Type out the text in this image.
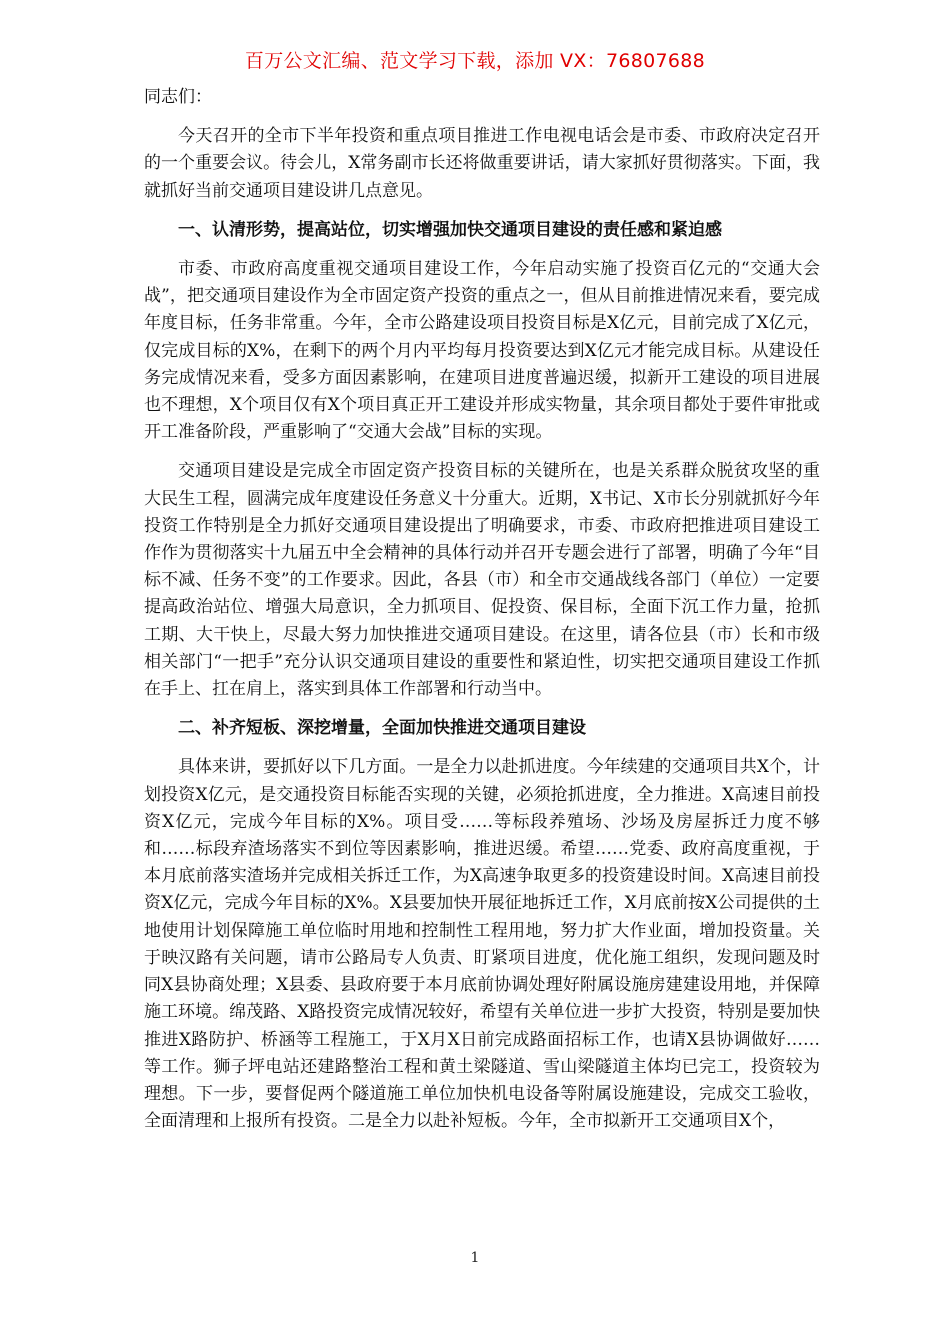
百万公文汇编、范文学习下载，添加 VX：76807688

同志们：

今天召开的全市下半年投资和重点项目推进工作电视电话会是市委、市政府决定召开的一个重要会议。待会儿，X常务副市长还将做重要讲话，请大家抓好贯彻落实。下面，我就抓好当前交通项目建设讲几点意见。

一、认清形势，提高站位，切实增强加快交通项目建设的责任感和紧迫感

市委、市政府高度重视交通项目建设工作，今年启动实施了投资百亿元的“交通大会战”，把交通项目建设作为全市固定资产投资的重点之一，但从目前推进情况来看，要完成年度目标，任务非常重。今年，全市公路建设项目投资目标是X亿元，目前完成了X亿元，仅完成目标的X%，在剩下的两个月内平均每月投资要达到X亿元才能完成目标。从建设任务完成情况来看，受多方面因素影响，在建项目进度普遍迟缓，拟新开工建设的项目进展也不理想，X个项目仅有X个项目真正开工建设并形成实物量，其余项目都处于要件审批或开工准备阶段，严重影响了“交通大会战”目标的实现。

交通项目建设是完成全市固定资产投资目标的关键所在，也是关系群众脱贫攻坚的重大民生工程，圆满完成年度建设任务意义十分重大。近期，X书记、X市长分别就抓好今年投资工作特别是全力抓好交通项目建设提出了明确要求，市委、市政府把推进项目建设工作作为贯彻落实十九届五中全会精神的具体行动并召开专题会进行了部署，明确了今年“目标不减、任务不变”的工作要求。因此，各县（市）和全市交通战线各部门（单位）一定要提高政治站位、增强大局意识，全力抓项目、促投资、保目标，全面下沉工作力量，抢抓工期、大干快上，尽最大努力加快推进交通项目建设。在这里，请各位县（市）长和市级相关部门“一把手”充分认识交通项目建设的重要性和紧迫性，切实把交通项目建设工作抓在手上、扛在肩上，落实到具体工作部署和行动当中。

二、补齐短板、深挖增量，全面加快推进交通项目建设

具体来讲，要抓好以下几方面。一是全力以赴抓进度。今年续建的交通项目共X个，计划投资X亿元，是交通投资目标能否实现的关键，必须抢抓进度，全力推进。X高速目前投资X亿元，完成今年目标的X%。项目受……等标段养殖场、沙场及房屋拆迁力度不够和……标段弃渣场落实不到位等因素影响，推进迟缓。希望……党委、政府高度重视，于本月底前落实渣场并完成相关拆迁工作，为X高速争取更多的投资建设时间。X高速目前投资X亿元，完成今年目标的X%。X县要加快开展征地拆迁工作，X月底前按X公司提供的土地使用计划保障施工单位临时用地和控制性工程用地，努力扩大作业面，增加投资量。关于映汉路有关问题，请市公路局专人负责、盯紧项目进度，优化施工组织，发现问题及时同X县协商处理；X县委、县政府要于本月底前协调处理好附属设施房建建设用地，并保障施工环境。绵茂路、X路投资完成情况较好，希望有关单位进一步扩大投资，特别是要加快推进X路防护、桥涵等工程施工，于X月X日前完成路面招标工作，也请X县协调做好……等工作。狮子坪电站还建路整治工程和黄土梁隧道、雪山梁隧道主体均已完工，投资较为理想。下一步，要督促两个隧道施工单位加快机电设备等附属设施建设，完成交工验收，全面清理和上报所有投资。二是全力以赴补短板。今年，全市拟新开工交通项目X个，

1
